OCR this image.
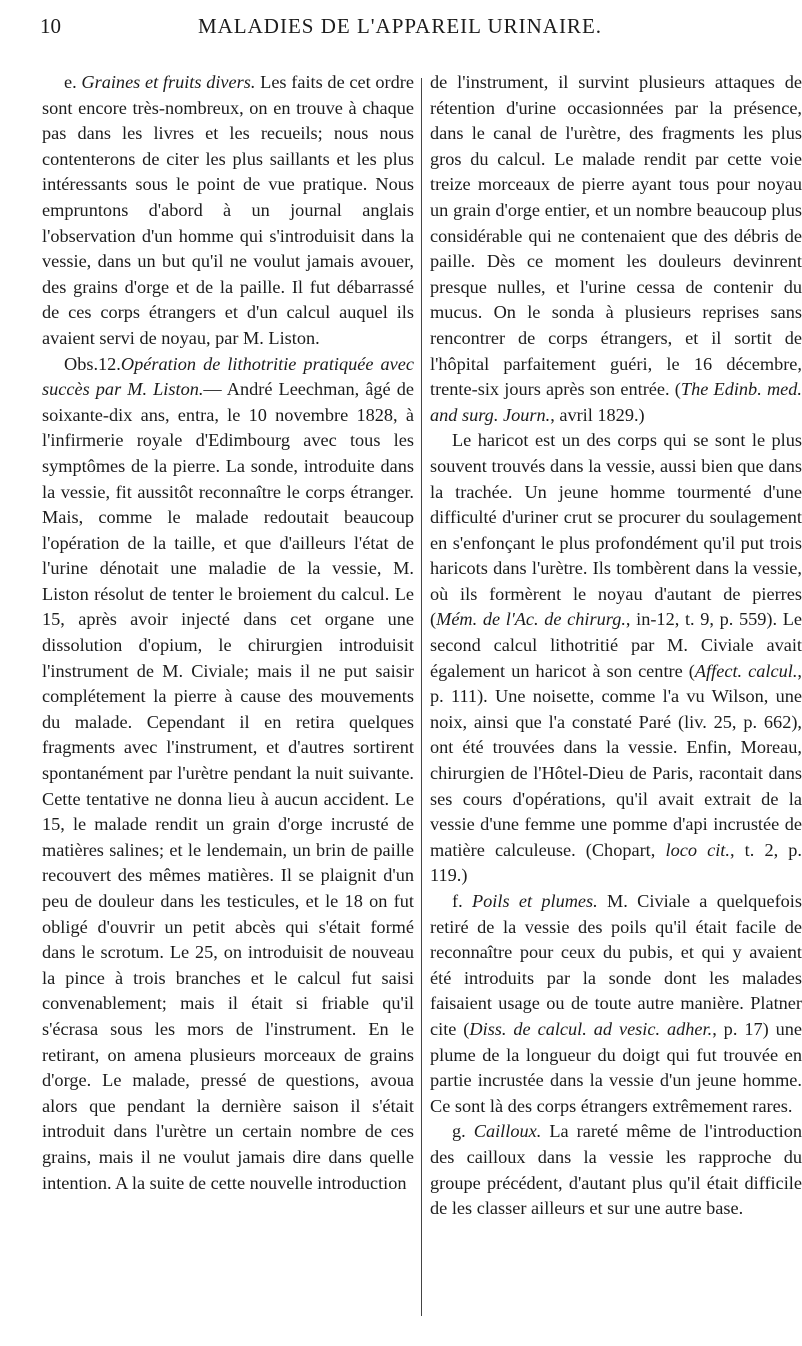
10	MALADIES DE L'APPAREIL URINAIRE.

e. Graines et fruits divers. Les faits de cet ordre sont encore très-nombreux, on en trouve à chaque pas dans les livres et les recueils; nous nous contenterons de citer les plus saillants et les plus intéressants sous le point de vue pratique. Nous empruntons d'abord à un journal anglais l'observation d'un homme qui s'introduisit dans la vessie, dans un but qu'il ne voulut jamais avouer, des grains d'orge et de la paille. Il fut débarrassé de ces corps étrangers et d'un calcul auquel ils avaient servi de noyau, par M. Liston.

Obs.12.Opération de lithotritie pratiquée avec succès par M. Liston.— André Leechman, âgé de soixante-dix ans, entra, le 10 novembre 1828, à l'infirmerie royale d'Edimbourg avec tous les symptômes de la pierre. La sonde, introduite dans la vessie, fit aussitôt reconnaître le corps étranger. Mais, comme le malade redoutait beaucoup l'opération de la taille, et que d'ailleurs l'état de l'urine dénotait une maladie de la vessie, M. Liston résolut de tenter le broiement du calcul. Le 15, après avoir injecté dans cet organe une dissolution d'opium, le chirurgien introduisit l'instrument de M. Civiale; mais il ne put saisir complétement la pierre à cause des mouvements du malade. Cependant il en retira quelques fragments avec l'instrument, et d'autres sortirent spontanément par l'urètre pendant la nuit suivante. Cette tentative ne donna lieu à aucun accident. Le 15, le malade rendit un grain d'orge incrusté de matières salines; et le lendemain, un brin de paille recouvert des mêmes matières. Il se plaignit d'un peu de douleur dans les testicules, et le 18 on fut obligé d'ouvrir un petit abcès qui s'était formé dans le scrotum. Le 25, on introduisit de nouveau la pince à trois branches et le calcul fut saisi convenablement; mais il était si friable qu'il s'écrasa sous les mors de l'instrument. En le retirant, on amena plusieurs morceaux de grains d'orge. Le malade, pressé de questions, avoua alors que pendant la dernière saison il s'était introduit dans l'urètre un certain nombre de ces grains, mais il ne voulut jamais dire dans quelle intention. A la suite de cette nouvelle introduction

de l'instrument, il survint plusieurs attaques de rétention d'urine occasionnées par la présence, dans le canal de l'urètre, des fragments les plus gros du calcul. Le malade rendit par cette voie treize morceaux de pierre ayant tous pour noyau un grain d'orge entier, et un nombre beaucoup plus considérable qui ne contenaient que des débris de paille. Dès ce moment les douleurs devinrent presque nulles, et l'urine cessa de contenir du mucus. On le sonda à plusieurs reprises sans rencontrer de corps étrangers, et il sortit de l'hôpital parfaitement guéri, le 16 décembre, trente-six jours après son entrée. (The Edinb. med. and surg. Journ., avril 1829.)

Le haricot est un des corps qui se sont le plus souvent trouvés dans la vessie, aussi bien que dans la trachée. Un jeune homme tourmenté d'une difficulté d'uriner crut se procurer du soulagement en s'enfonçant le plus profondément qu'il put trois haricots dans l'urètre. Ils tombèrent dans la vessie, où ils formèrent le noyau d'autant de pierres (Mém. de l'Ac. de chirurg., in-12, t. 9, p. 559). Le second calcul lithotritié par M. Civiale avait également un haricot à son centre (Affect. calcul., p. 111). Une noisette, comme l'a vu Wilson, une noix, ainsi que l'a constaté Paré (liv. 25, p. 662), ont été trouvées dans la vessie. Enfin, Moreau, chirurgien de l'Hôtel-Dieu de Paris, racontait dans ses cours d'opérations, qu'il avait extrait de la vessie d'une femme une pomme d'api incrustée de matière calculeuse. (Chopart, loco cit., t. 2, p. 119.)

f. Poils et plumes. M. Civiale a quelquefois retiré de la vessie des poils qu'il était facile de reconnaître pour ceux du pubis, et qui y avaient été introduits par la sonde dont les malades faisaient usage ou de toute autre manière. Platner cite (Diss. de calcul. ad vesic. adher., p. 17) une plume de la longueur du doigt qui fut trouvée en partie incrustée dans la vessie d'un jeune homme. Ce sont là des corps étrangers extrêmement rares.

g. Cailloux. La rareté même de l'introduction des cailloux dans la vessie les rapproche du groupe précédent, d'autant plus qu'il était difficile de les classer ailleurs et sur une autre base.
